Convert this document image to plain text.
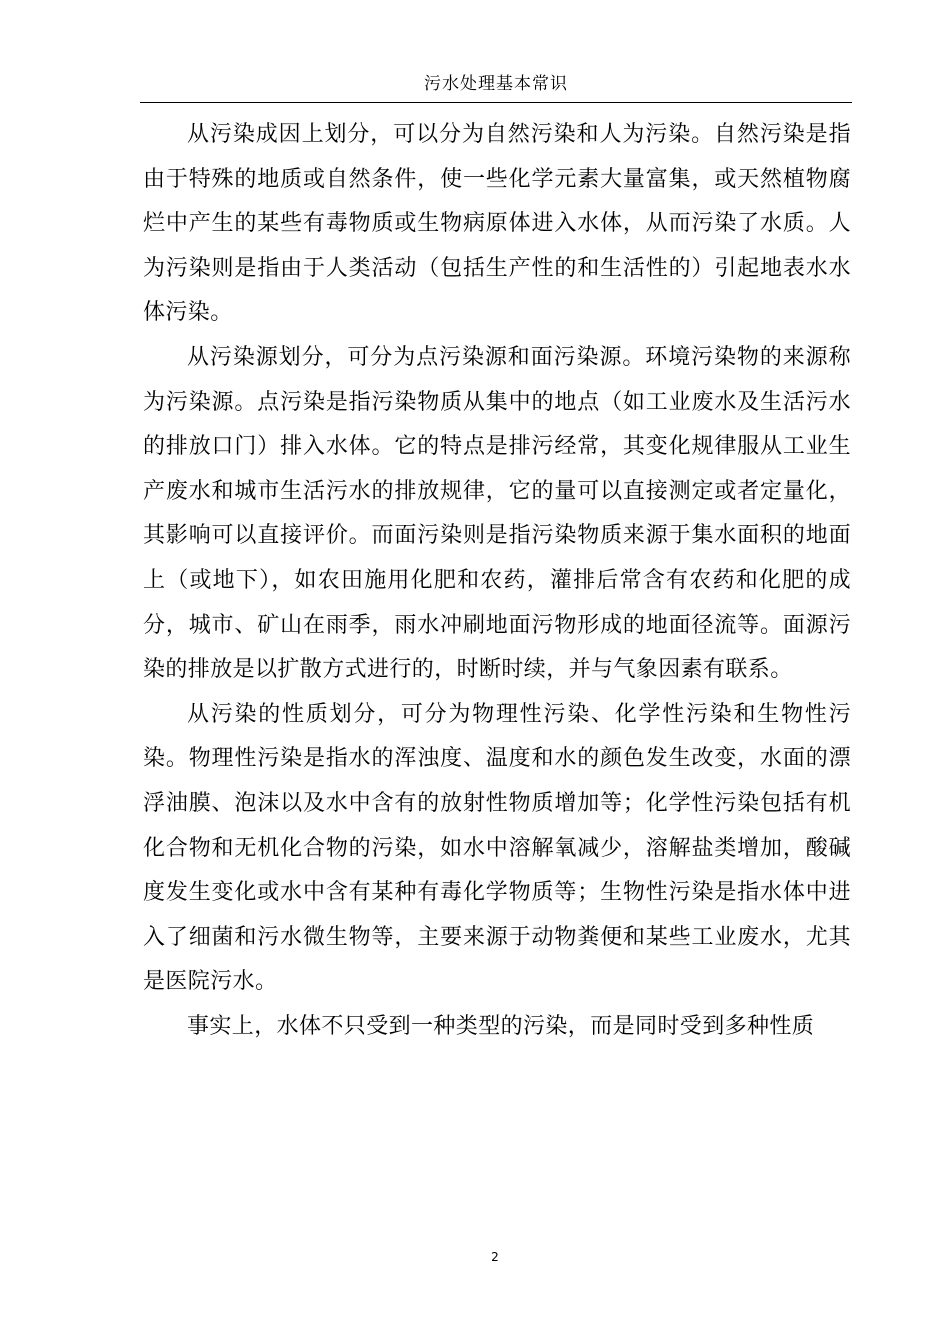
污水处理基本常识

从污染成因上划分，可以分为自然污染和人为污染。自然污染是指由于特殊的地质或自然条件，使一些化学元素大量富集，或天然植物腐烂中产生的某些有毒物质或生物病原体进入水体，从而污染了水质。人为污染则是指由于人类活动（包括生产性的和生活性的）引起地表水水体污染。

从污染源划分，可分为点污染源和面污染源。环境污染物的来源称为污染源。点污染是指污染物质从集中的地点（如工业废水及生活污水的排放口门）排入水体。它的特点是排污经常，其变化规律服从工业生产废水和城市生活污水的排放规律，它的量可以直接测定或者定量化，其影响可以直接评价。而面污染则是指污染物质来源于集水面积的地面上（或地下），如农田施用化肥和农药，灌排后常含有农药和化肥的成分，城市、矿山在雨季，雨水冲刷地面污物形成的地面径流等。面源污染的排放是以扩散方式进行的，时断时续，并与气象因素有联系。

从污染的性质划分，可分为物理性污染、化学性污染和生物性污染。物理性污染是指水的浑浊度、温度和水的颜色发生改变，水面的漂浮油膜、泡沫以及水中含有的放射性物质增加等；化学性污染包括有机化合物和无机化合物的污染，如水中溶解氧减少，溶解盐类增加，酸碱度发生变化或水中含有某种有毒化学物质等；生物性污染是指水体中进入了细菌和污水微生物等，主要来源于动物粪便和某些工业废水，尤其是医院污水。

事实上，水体不只受到一种类型的污染，而是同时受到多种性质

2
